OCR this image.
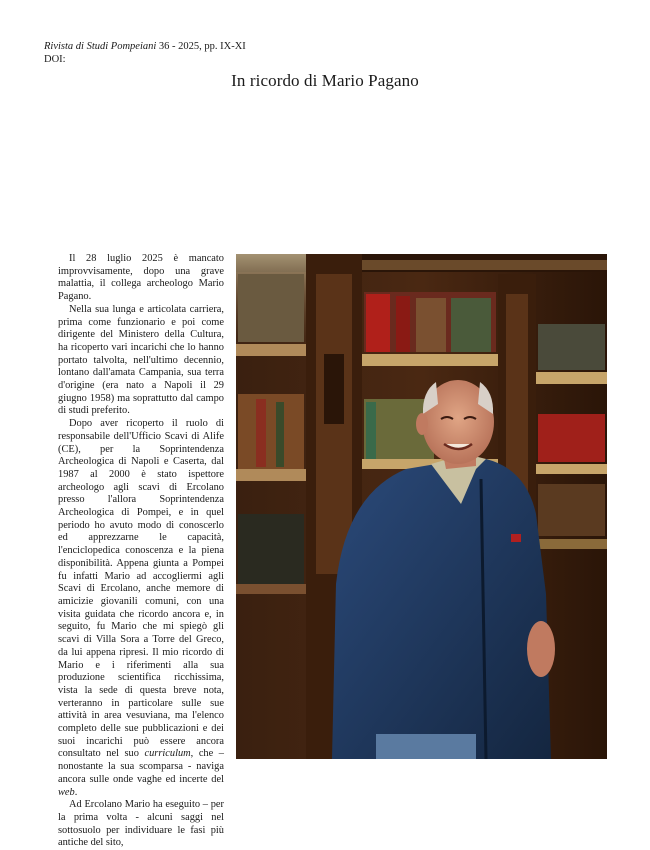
Rivista di Studi Pompeiani 36 - 2025, pp. IX-XI
DOI:
In ricordo di Mario Pagano

Il 28 luglio 2025 è mancato improvvisamente, dopo una grave malattia, il collega archeologo Mario Pagano.

Nella sua lunga e articolata carriera, prima come funzionario e poi come dirigente del Ministero della Cultura, ha ricoperto vari incarichi che lo hanno portato talvolta, nell'ultimo decennio, lontano dall'amata Campania, sua terra d'origine (era nato a Napoli il 29 giugno 1958) ma soprattutto dal campo di studi preferito.

Dopo aver ricoperto il ruolo di responsabile dell'Ufficio Scavi di Alife (CE), per la Soprintendenza Archeologica di Napoli e Caserta, dal 1987 al 2000 è stato ispettore archeologo agli scavi di Ercolano presso l'allora Soprintendenza Archeologica di Pompei, e in quel periodo ho avuto modo di conoscerlo ed apprezzarne le capacità, l'enciclopedica conoscenza e la piena disponibilità. Appena giunta a Pompei fu infatti Mario ad accogliermi agli Scavi di Ercolano, anche memore di amicizie giovanili comuni, con una visita guidata che ricordo ancora e, in seguito, fu Mario che mi spiegò gli scavi di Villa Sora a Torre del Greco, da lui appena ripresi. Il mio ricordo di Mario e i riferimenti alla sua produzione scientifica ricchissima, vista la sede di questa breve nota, verteranno in particolare sulle sue attività in area vesuviana, ma l'elenco completo delle sue pubblicazioni e dei suoi incarichi può essere ancora consultato nel suo curriculum, che – nonostante la sua scomparsa - naviga ancora sulle onde vaghe ed incerte del web.

Ad Ercolano Mario ha eseguito – per la prima volta - alcuni saggi nel sottosuolo per individuare le fasi più antiche del sito,
